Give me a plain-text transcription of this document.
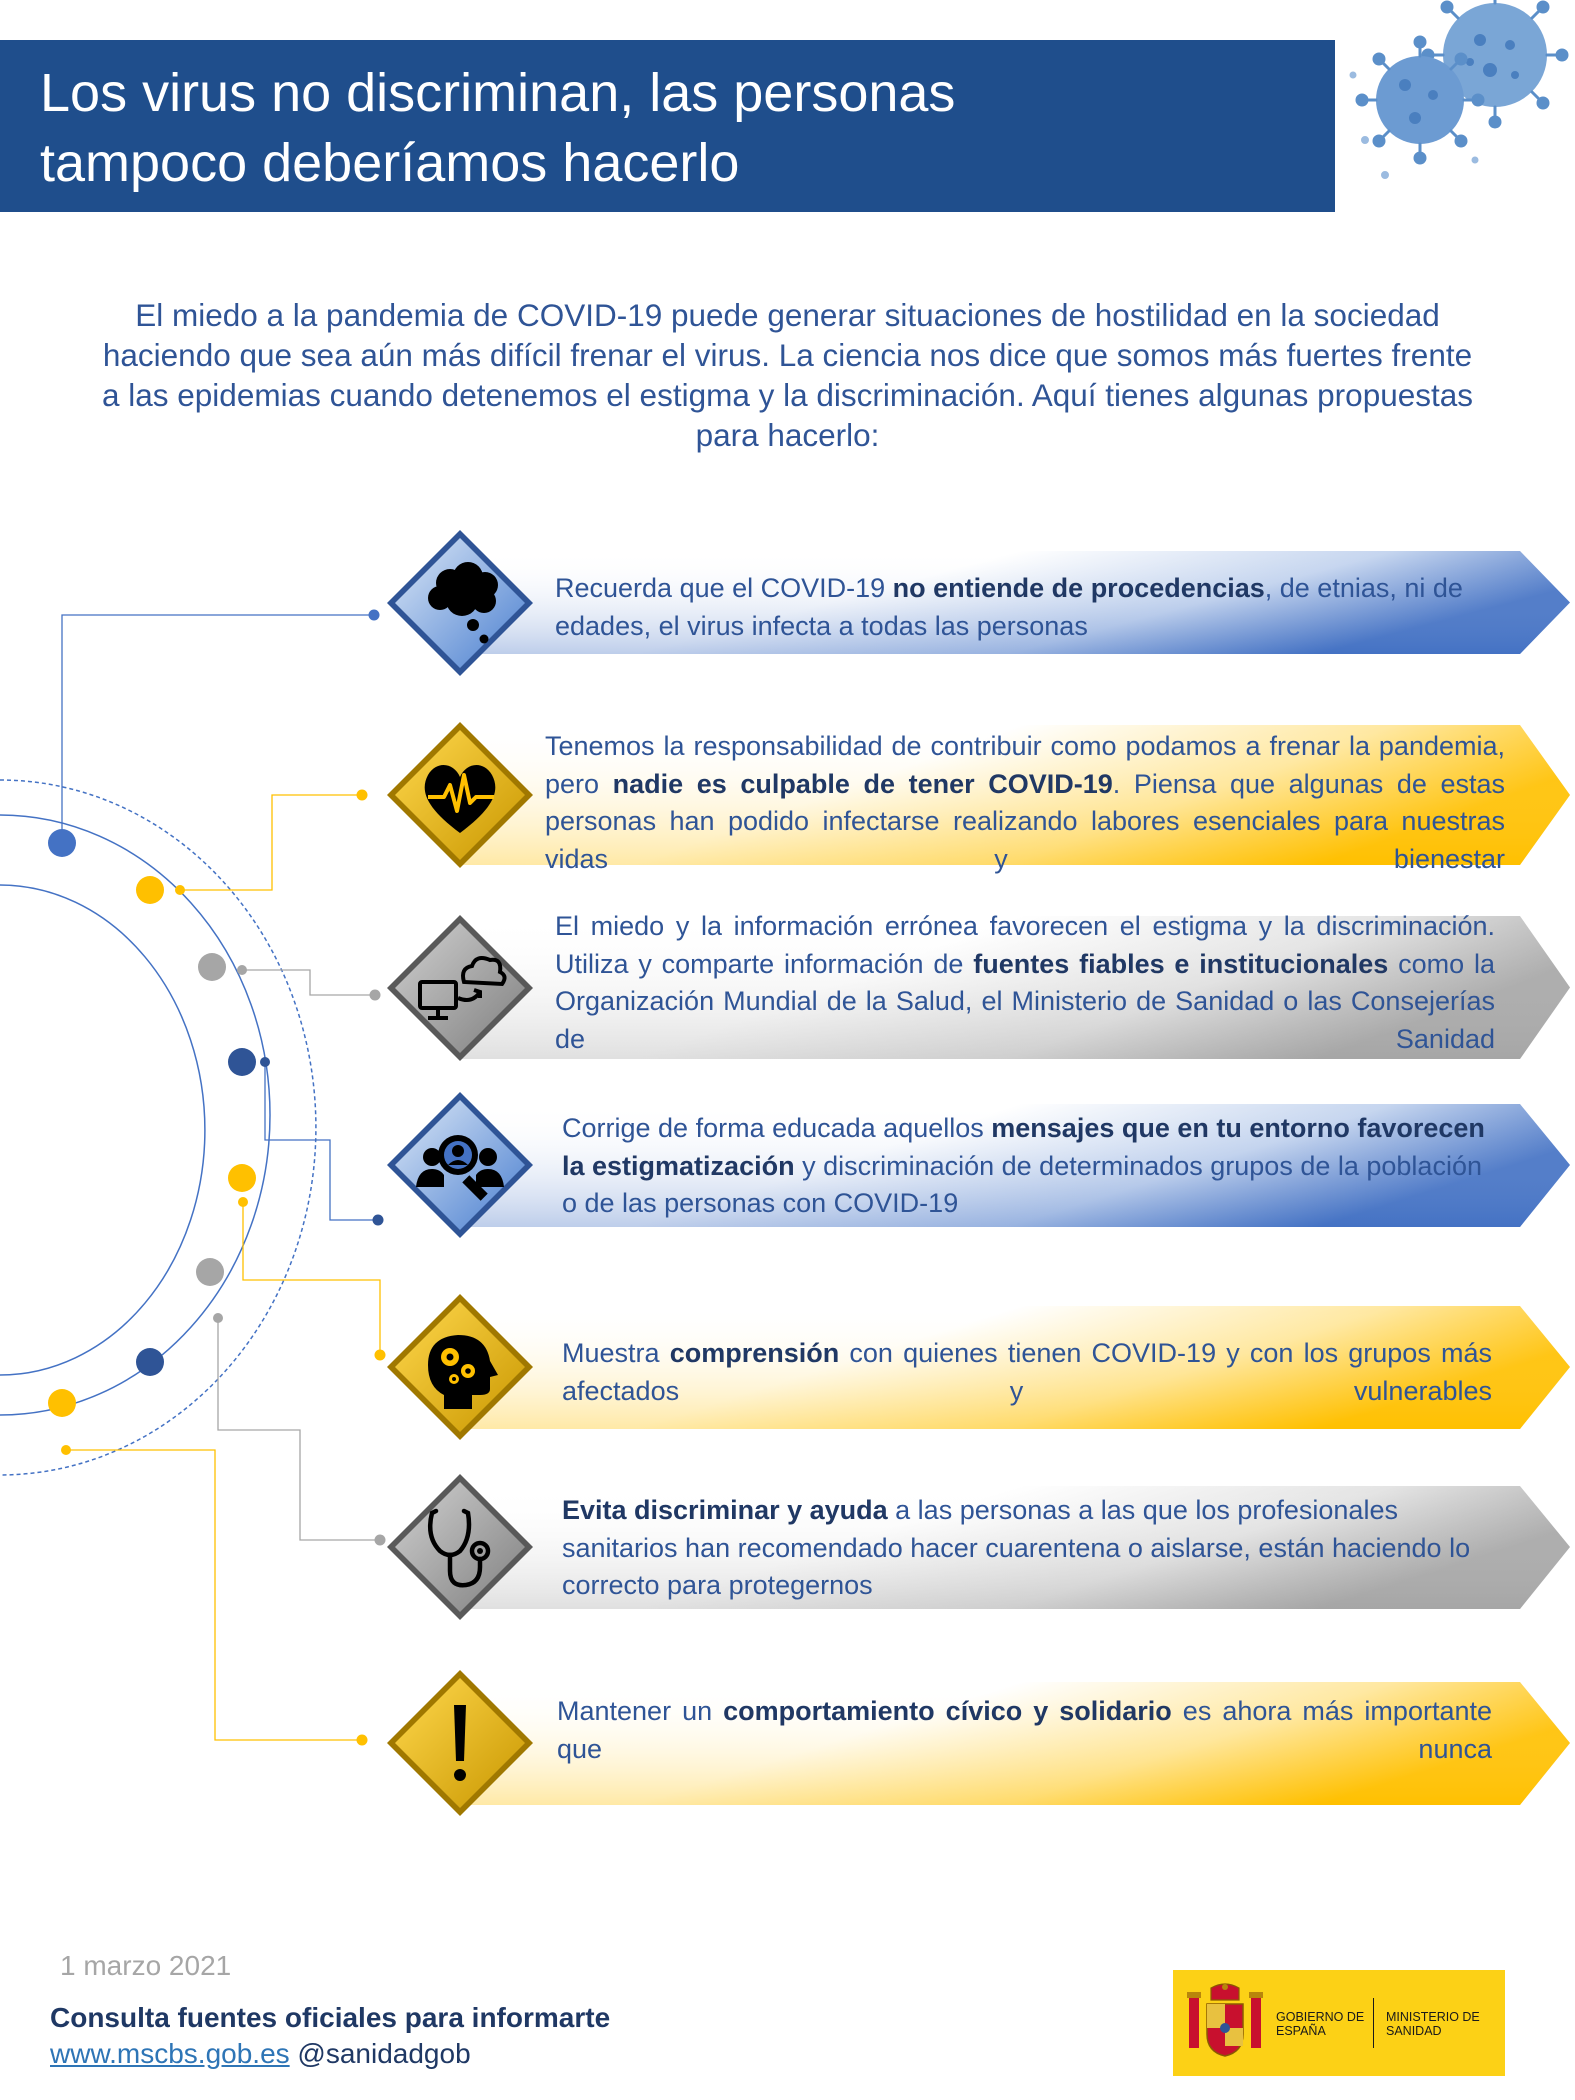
Los virus no discriminan, las personas
tampoco deberíamos hacerlo
El miedo a la pandemia de COVID-19 puede generar situaciones de hostilidad en la sociedad
haciendo que sea aún más difícil frenar el virus. La ciencia nos dice que somos más fuertes frente
a las epidemias cuando detenemos el estigma y la discriminación. Aquí tienes algunas propuestas
para hacerlo:
Recuerda que el COVID-19 no entiende de procedencias, de etnias, ni de edades, el virus infecta a todas las personas
Tenemos la responsabilidad de contribuir como podamos a frenar la pandemia, pero nadie es culpable de tener COVID-19. Piensa que algunas de estas personas han podido infectarse realizando labores esenciales para nuestras vidas y bienestar
El miedo y la información errónea favorecen el estigma y la discriminación. Utiliza y comparte información de fuentes fiables e institucionales como la Organización Mundial de la Salud, el Ministerio de Sanidad o las Consejerías de Sanidad
Corrige de forma educada aquellos mensajes que en tu entorno favorecen la estigmatización y discriminación de determinados grupos de la población o de las personas con COVID-19
Muestra comprensión con quienes tienen COVID-19 y con los grupos más afectados y vulnerables
Evita discriminar y ayuda a las personas a las que los profesionales sanitarios han recomendado hacer cuarentena o aislarse, están haciendo lo correcto para protegernos
Mantener un comportamiento cívico y solidario es ahora más importante que nunca
1 marzo 2021
Consulta fuentes oficiales para informarte
www.mscbs.gob.es @sanidadgob
GOBIERNO DE ESPAÑA
MINISTERIO DE SANIDAD
